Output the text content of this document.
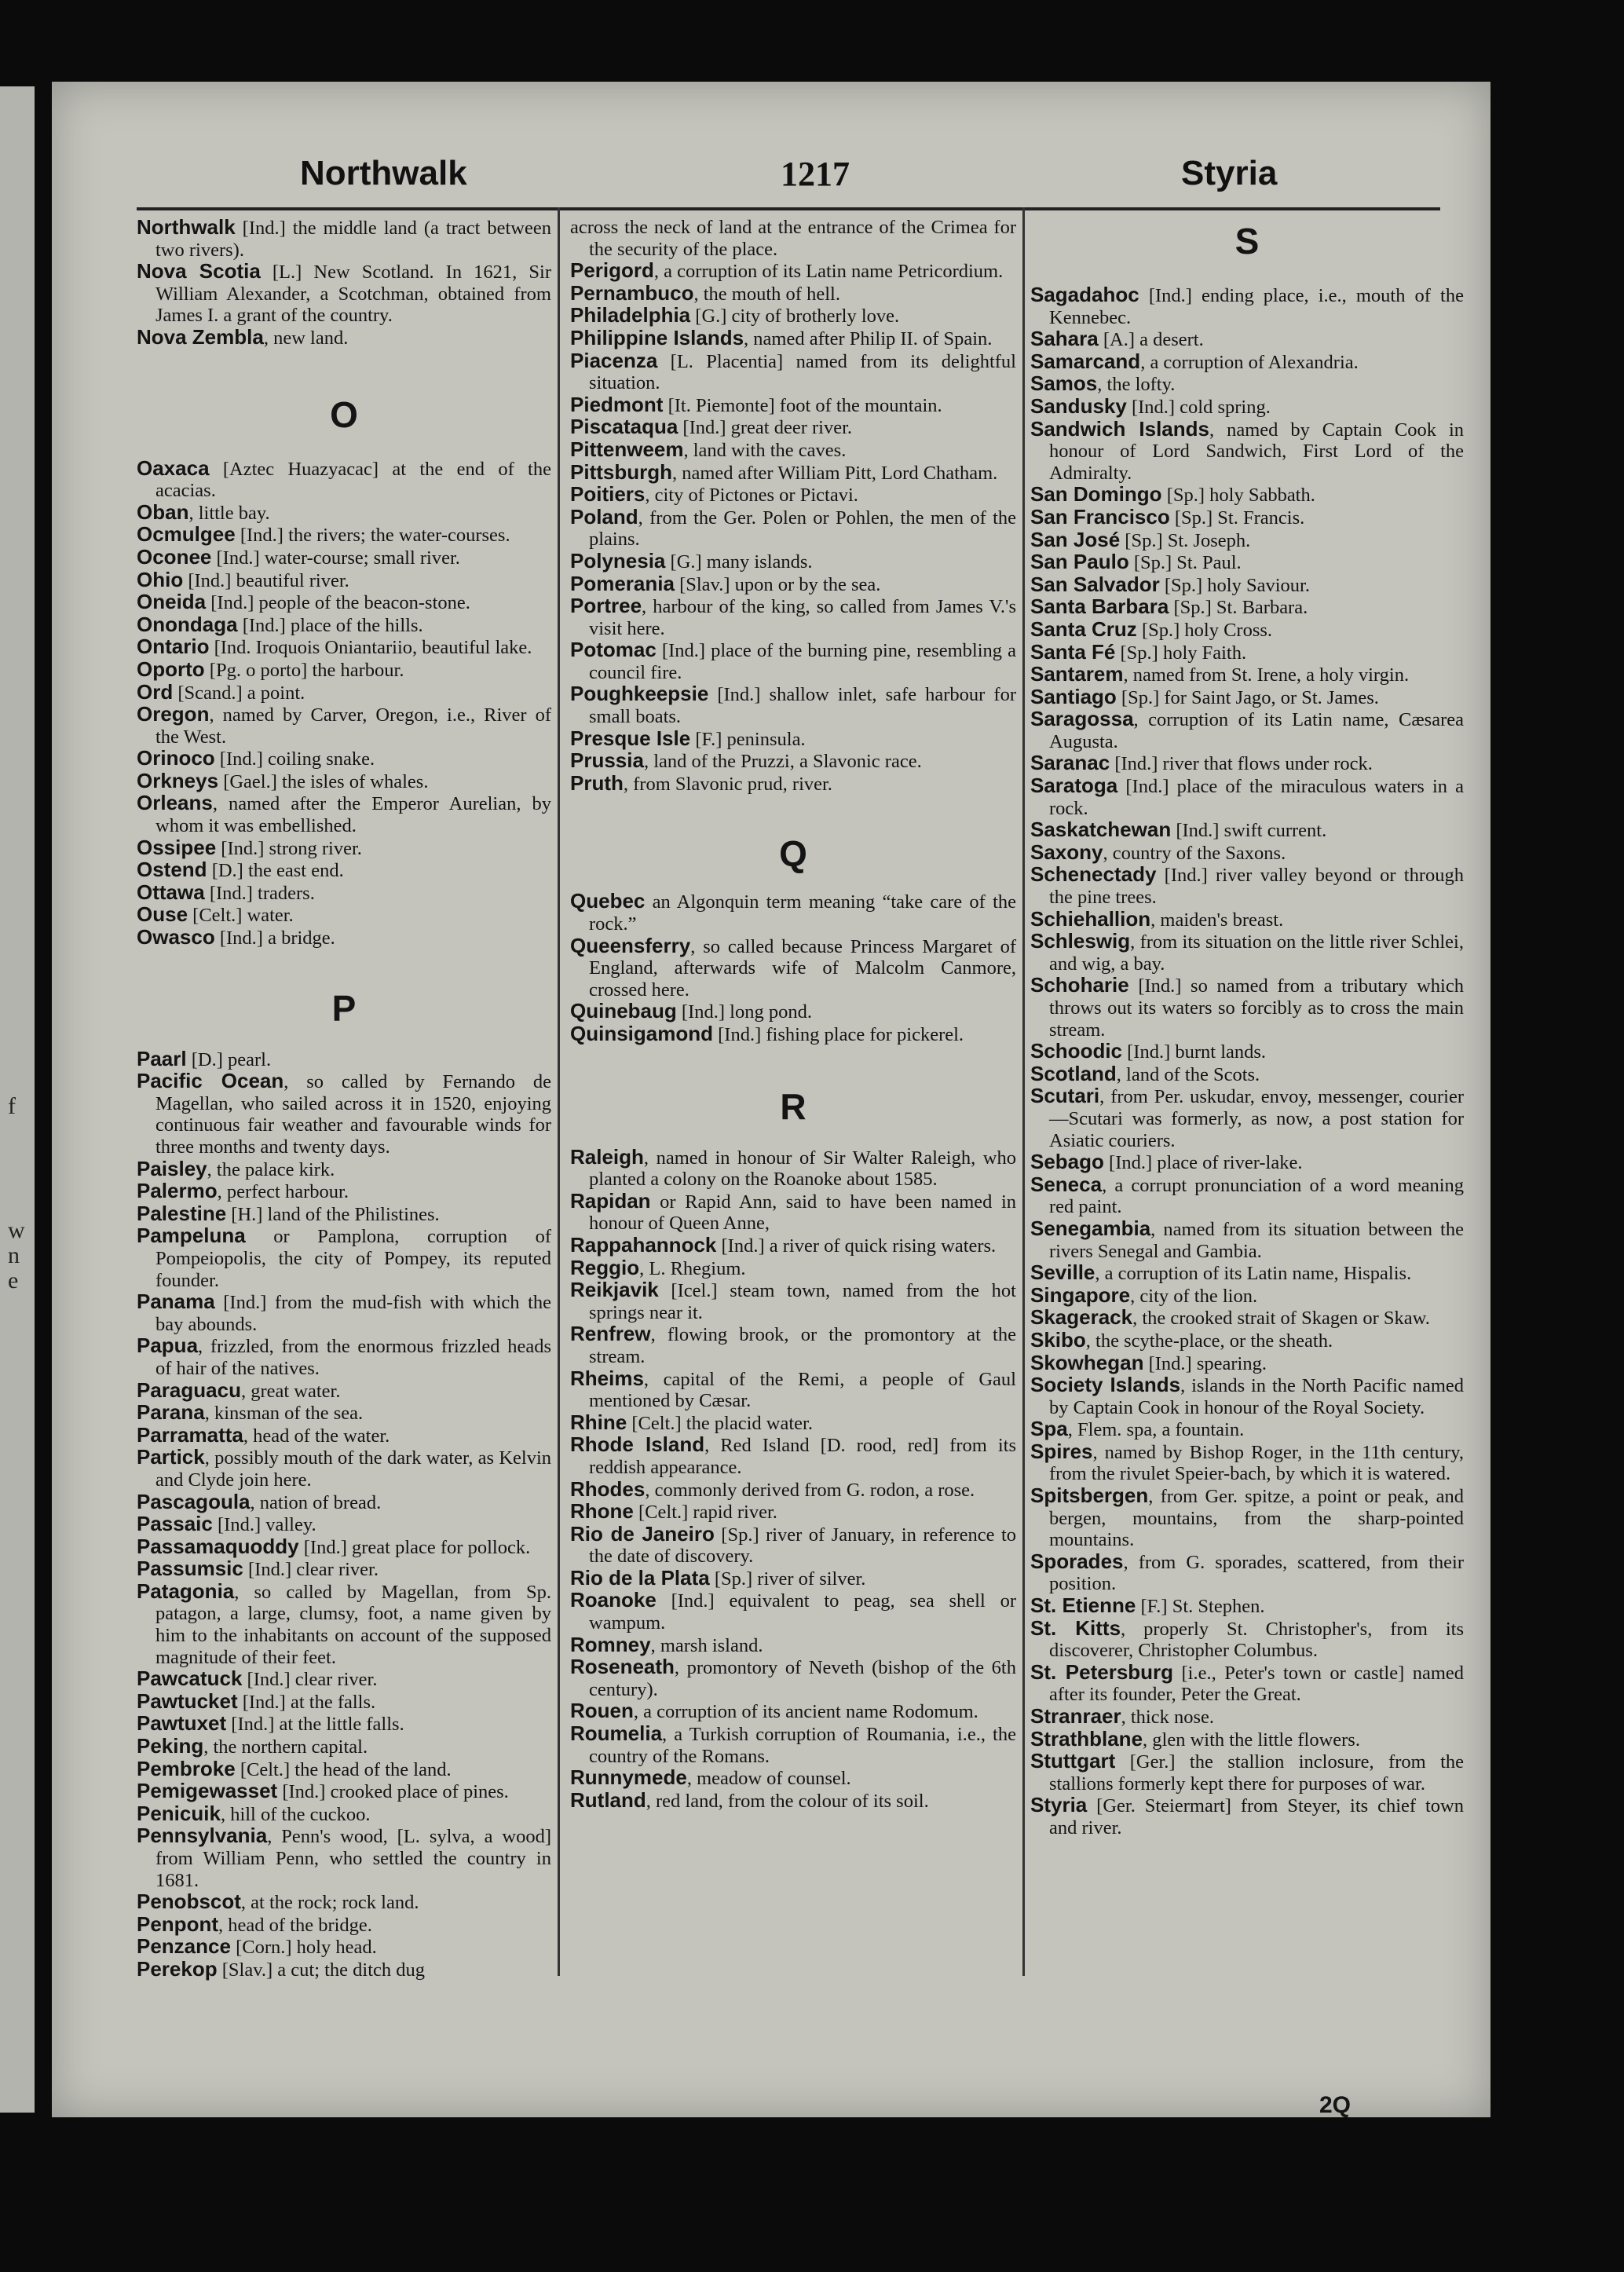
f
w
n
e
Northwalk	1217	Styria
Northwalk [Ind.] the middle land (a tract between two rivers).
Nova Scotia [L.] New Scotland. In 1621, Sir William Alexander, a Scotchman, obtained from James I. a grant of the country.
Nova Zembla, new land.
O
Oaxaca [Aztec Huazyacac] at the end of the acacias.
Oban, little bay.
Ocmulgee [Ind.] the rivers; the water-courses.
Oconee [Ind.] water-course; small river.
Ohio [Ind.] beautiful river.
Oneida [Ind.] people of the beacon-stone.
Onondaga [Ind.] place of the hills.
Ontario [Ind. Iroquois Oniantariio, beautiful lake.
Oporto [Pg. o porto] the harbour.
Ord [Scand.] a point.
Oregon, named by Carver, Oregon, i.e., River of the West.
Orinoco [Ind.] coiling snake.
Orkneys [Gael.] the isles of whales.
Orleans, named after the Emperor Aurelian, by whom it was embellished.
Ossipee [Ind.] strong river.
Ostend [D.] the east end.
Ottawa [Ind.] traders.
Ouse [Celt.] water.
Owasco [Ind.] a bridge.
P
Paarl [D.] pearl.
Pacific Ocean, so called by Fernando de Magellan, who sailed across it in 1520, enjoying continuous fair weather and favourable winds for three months and twenty days.
Paisley, the palace kirk.
Palermo, perfect harbour.
Palestine [H.] land of the Philistines.
Pampeluna or Pamplona, corruption of Pompeiopolis, the city of Pompey, its reputed founder.
Panama [Ind.] from the mud-fish with which the bay abounds.
Papua, frizzled, from the enormous frizzled heads of hair of the natives.
Paraguacu, great water.
Parana, kinsman of the sea.
Parramatta, head of the water.
Partick, possibly mouth of the dark water, as Kelvin and Clyde join here.
Pascagoula, nation of bread.
Passaic [Ind.] valley.
Passamaquoddy [Ind.] great place for pollock.
Passumsic [Ind.] clear river.
Patagonia, so called by Magellan, from Sp. patagon, a large, clumsy, foot, a name given by him to the inhabitants on account of the supposed magnitude of their feet.
Pawcatuck [Ind.] clear river.
Pawtucket [Ind.] at the falls.
Pawtuxet [Ind.] at the little falls.
Peking, the northern capital.
Pembroke [Celt.] the head of the land.
Pemigewasset [Ind.] crooked place of pines.
Penicuik, hill of the cuckoo.
Pennsylvania, Penn's wood, [L. sylva, a wood] from William Penn, who settled the country in 1681.
Penobscot, at the rock; rock land.
Penpont, head of the bridge.
Penzance [Corn.] holy head.
Perekop [Slav.] a cut; the ditch dug
across the neck of land at the entrance of the Crimea for the security of the place.
Perigord, a corruption of its Latin name Petricordium.
Pernambuco, the mouth of hell.
Philadelphia [G.] city of brotherly love.
Philippine Islands, named after Philip II. of Spain.
Piacenza [L. Placentia] named from its delightful situation.
Piedmont [It. Piemonte] foot of the mountain.
Piscataqua [Ind.] great deer river.
Pittenweem, land with the caves.
Pittsburgh, named after William Pitt, Lord Chatham.
Poitiers, city of Pictones or Pictavi.
Poland, from the Ger. Polen or Pohlen, the men of the plains.
Polynesia [G.] many islands.
Pomerania [Slav.] upon or by the sea.
Portree, harbour of the king, so called from James V.'s visit here.
Potomac [Ind.] place of the burning pine, resembling a council fire.
Poughkeepsie [Ind.] shallow inlet, safe harbour for small boats.
Presque Isle [F.] peninsula.
Prussia, land of the Pruzzi, a Slavonic race.
Pruth, from Slavonic prud, river.
Q
Quebec an Algonquin term meaning “take care of the rock.”
Queensferry, so called because Princess Margaret of England, afterwards wife of Malcolm Canmore, crossed here.
Quinebaug [Ind.] long pond.
Quinsigamond [Ind.] fishing place for pickerel.
R
Raleigh, named in honour of Sir Walter Raleigh, who planted a colony on the Roanoke about 1585.
Rapidan or Rapid Ann, said to have been named in honour of Queen Anne,
Rappahannock [Ind.] a river of quick rising waters.
Reggio, L. Rhegium.
Reikjavik [Icel.] steam town, named from the hot springs near it.
Renfrew, flowing brook, or the promontory at the stream.
Rheims, capital of the Remi, a people of Gaul mentioned by Cæsar.
Rhine [Celt.] the placid water.
Rhode Island, Red Island [D. rood, red] from its reddish appearance.
Rhodes, commonly derived from G. rodon, a rose.
Rhone [Celt.] rapid river.
Rio de Janeiro [Sp.] river of January, in reference to the date of discovery.
Rio de la Plata [Sp.] river of silver.
Roanoke [Ind.] equivalent to peag, sea shell or wampum.
Romney, marsh island.
Roseneath, promontory of Neveth (bishop of the 6th century).
Rouen, a corruption of its ancient name Rodomum.
Roumelia, a Turkish corruption of Roumania, i.e., the country of the Romans.
Runnymede, meadow of counsel.
Rutland, red land, from the colour of its soil.
S
Sagadahoc [Ind.] ending place, i.e., mouth of the Kennebec.
Sahara [A.] a desert.
Samarcand, a corruption of Alexandria.
Samos, the lofty.
Sandusky [Ind.] cold spring.
Sandwich Islands, named by Captain Cook in honour of Lord Sandwich, First Lord of the Admiralty.
San Domingo [Sp.] holy Sabbath.
San Francisco [Sp.] St. Francis.
San José [Sp.] St. Joseph.
San Paulo [Sp.] St. Paul.
San Salvador [Sp.] holy Saviour.
Santa Barbara [Sp.] St. Barbara.
Santa Cruz [Sp.] holy Cross.
Santa Fé [Sp.] holy Faith.
Santarem, named from St. Irene, a holy virgin.
Santiago [Sp.] for Saint Jago, or St. James.
Saragossa, corruption of its Latin name, Cæsarea Augusta.
Saranac [Ind.] river that flows under rock.
Saratoga [Ind.] place of the miraculous waters in a rock.
Saskatchewan [Ind.] swift current.
Saxony, country of the Saxons.
Schenectady [Ind.] river valley beyond or through the pine trees.
Schiehallion, maiden's breast.
Schleswig, from its situation on the little river Schlei, and wig, a bay.
Schoharie [Ind.] so named from a tributary which throws out its waters so forcibly as to cross the main stream.
Schoodic [Ind.] burnt lands.
Scotland, land of the Scots.
Scutari, from Per. uskudar, envoy, messenger, courier—Scutari was formerly, as now, a post station for Asiatic couriers.
Sebago [Ind.] place of river-lake.
Seneca, a corrupt pronunciation of a word meaning red paint.
Senegambia, named from its situation between the rivers Senegal and Gambia.
Seville, a corruption of its Latin name, Hispalis.
Singapore, city of the lion.
Skagerack, the crooked strait of Skagen or Skaw.
Skibo, the scythe-place, or the sheath.
Skowhegan [Ind.] spearing.
Society Islands, islands in the North Pacific named by Captain Cook in honour of the Royal Society.
Spa, Flem. spa, a fountain.
Spires, named by Bishop Roger, in the 11th century, from the rivulet Speier-bach, by which it is watered.
Spitsbergen, from Ger. spitze, a point or peak, and bergen, mountains, from the sharp-pointed mountains.
Sporades, from G. sporades, scattered, from their position.
St. Etienne [F.] St. Stephen.
St. Kitts, properly St. Christopher's, from its discoverer, Christopher Columbus.
St. Petersburg [i.e., Peter's town or castle] named after its founder, Peter the Great.
Stranraer, thick nose.
Strathblane, glen with the little flowers.
Stuttgart [Ger.] the stallion inclosure, from the stallions formerly kept there for purposes of war.
Styria [Ger. Steiermart] from Steyer, its chief town and river.
2Q
